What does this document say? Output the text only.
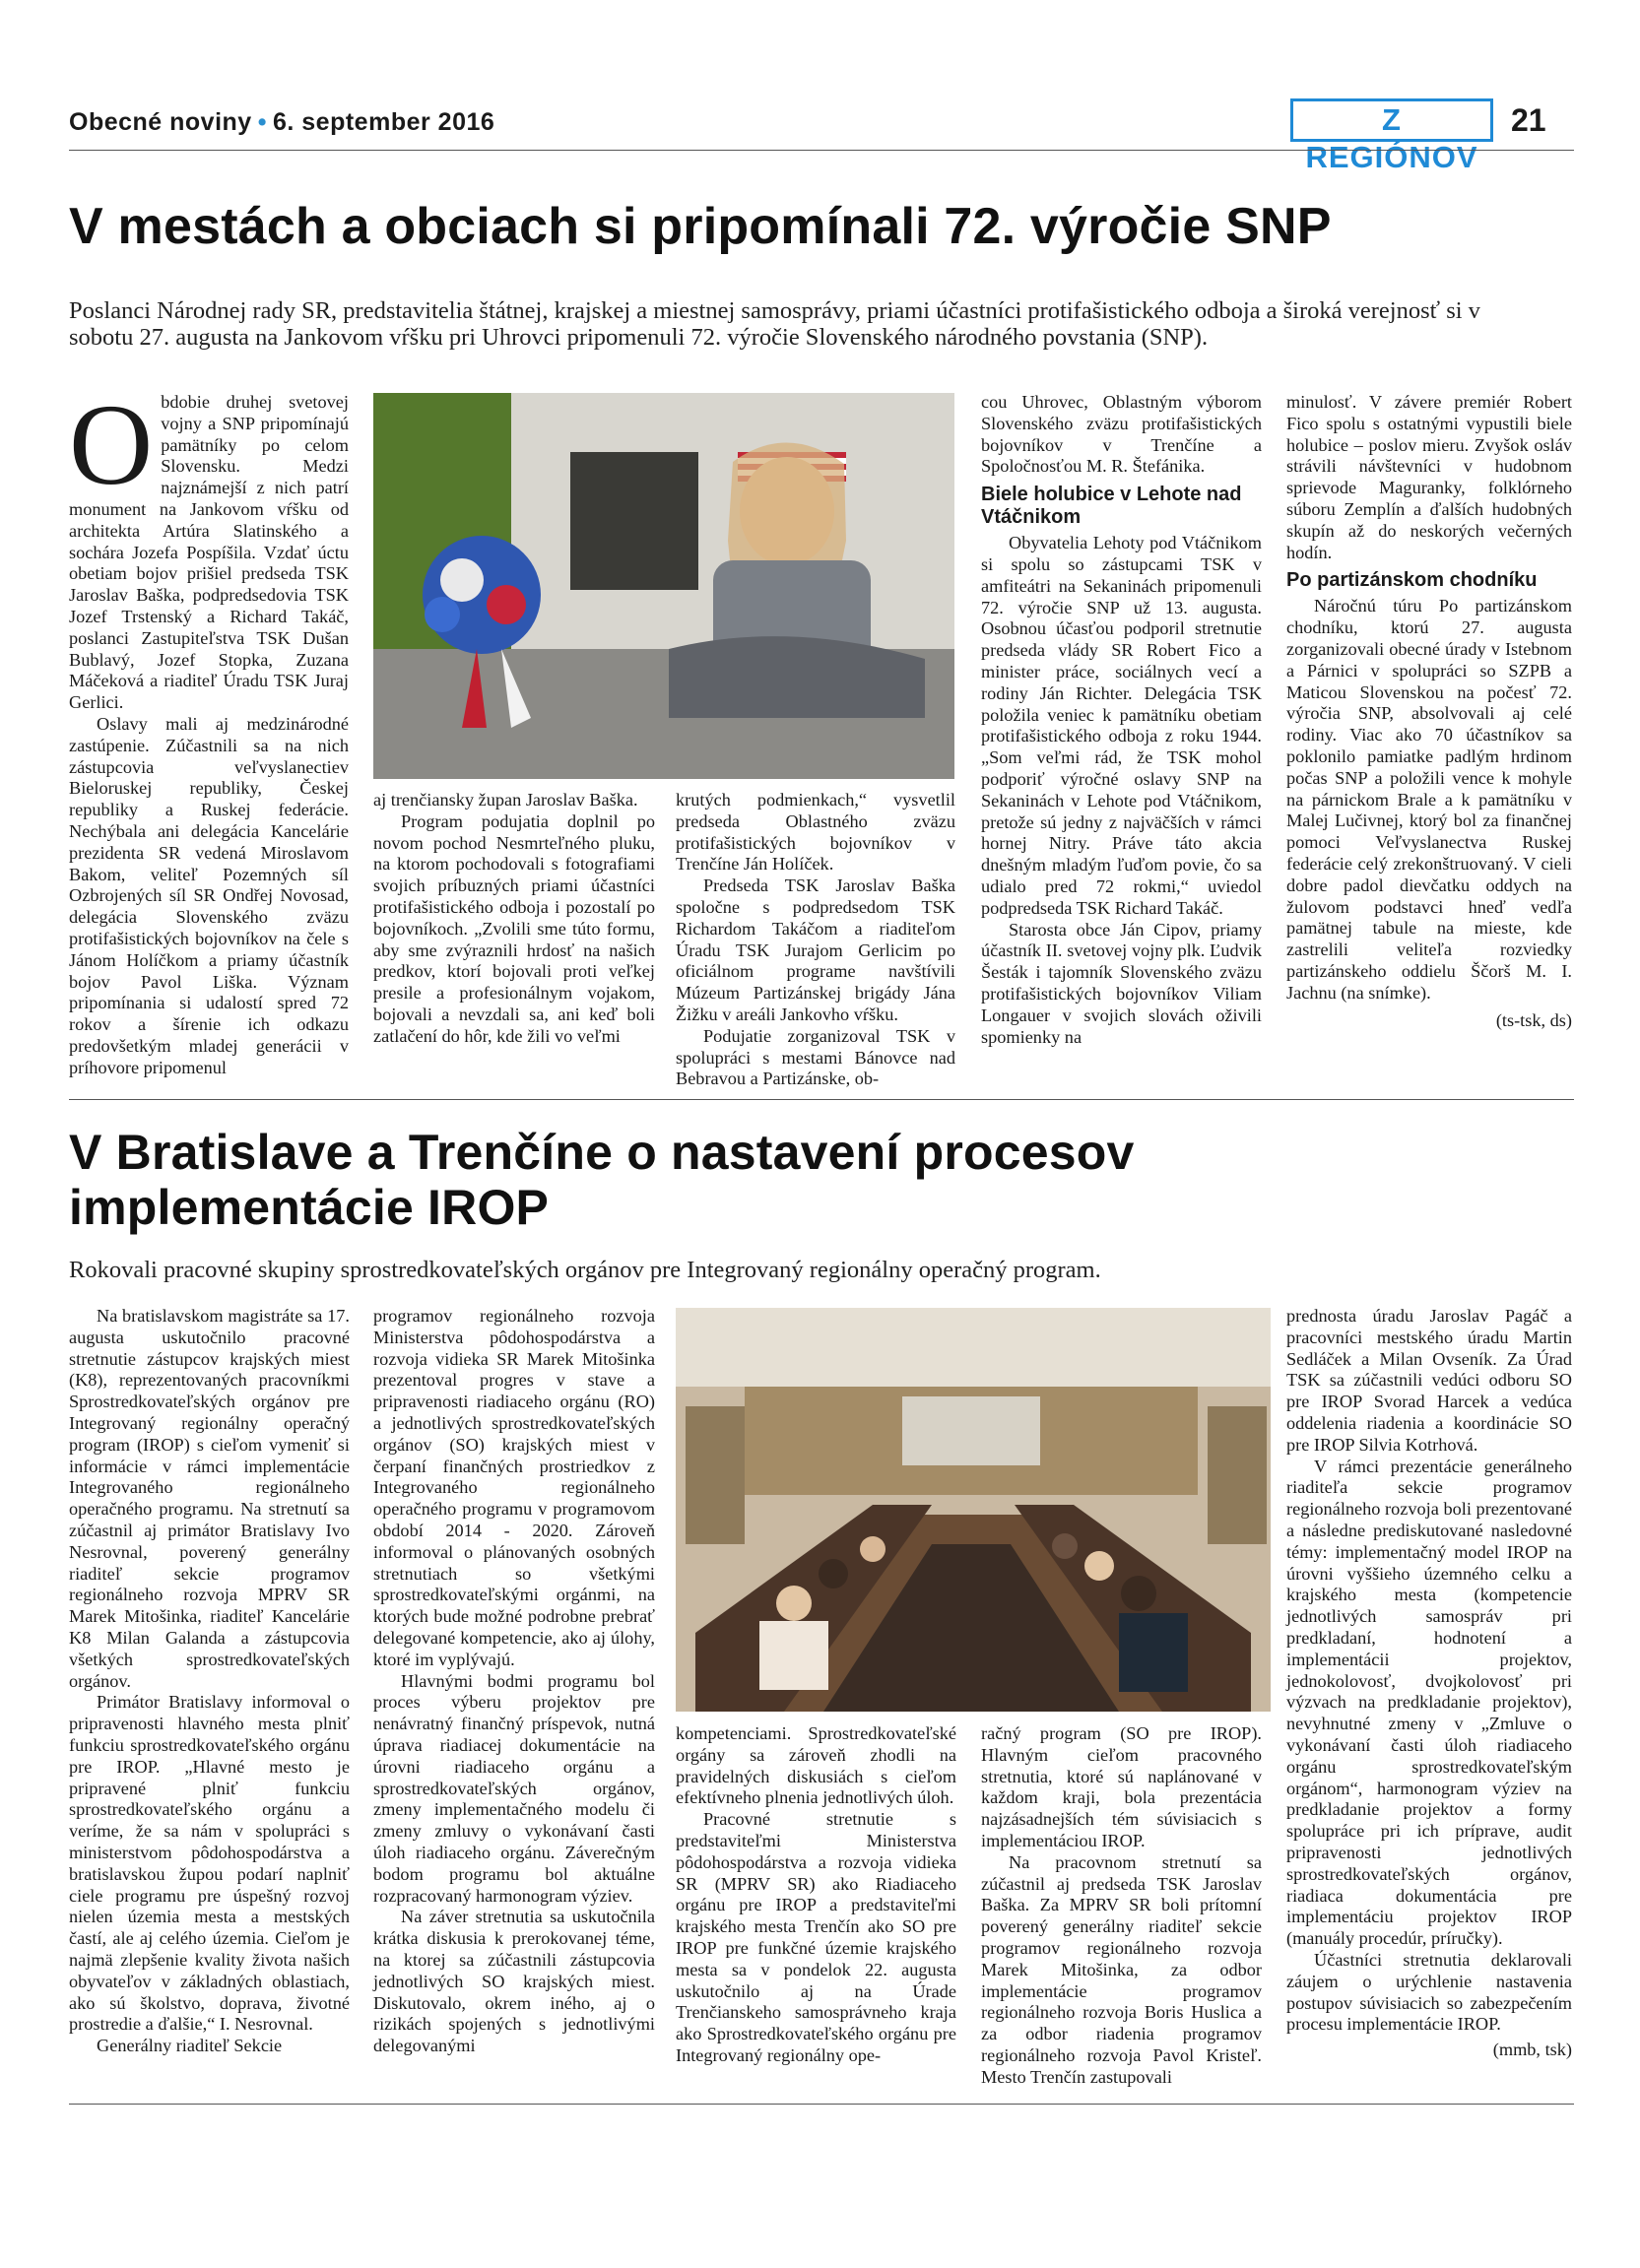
Obecné noviny • 6. september 2016	Z REGIÓNOV
21
V mestách a obciach si pripomínali 72. výročie SNP
Poslanci Národnej rady SR, predstavitelia štátnej, krajskej a miestnej samosprávy, priami účastníci protifašistického odboja a široká verejnosť si v sobotu 27. augusta na Jankovom vŕšku pri Uhrovci pripomenuli 72. výročie Slovenského národného povstania (SNP).

Obdobie druhej svetovej vojny a SNP pripomínajú pamätníky po celom Slovensku. Medzi najznámejší z nich patrí monument na Jankovom vŕšku od architekta Artúra Slatinského a sochára Jozefa Pospíšila. Vzdať úctu obetiam bojov prišiel predseda TSK Jaroslav Baška, podpredsedovia TSK Jozef Trstenský a Richard Takáč, poslanci Zastupiteľstva TSK Dušan Bublavý, Jozef Stopka, Zuzana Máčeková a riaditeľ Úradu TSK Juraj Gerlici.

Oslavy mali aj medzinárodné zastúpenie. Zúčastnili sa na nich zástupcovia veľvyslanectiev Bieloruskej republiky, Českej republiky a Ruskej federácie. Nechýbala ani delegácia Kancelárie prezidenta SR vedená Miroslavom Bakom, veliteľ Pozemných síl Ozbrojených síl SR Ondřej Novosad, delegácia Slovenského zväzu protifašistických bojovníkov na čele s Jánom Holíčkom a priamy účastník bojov Pavol Liška. Význam pripomínania si udalostí spred 72 rokov a šírenie ich odkazu predovšetkým mladej generácii v príhovore pripomenul

aj trenčiansky župan Jaroslav Baška.

Program podujatia doplnil po novom pochod Nesmrteľného pluku, na ktorom pochodovali s fotografiami svojich príbuzných priami účastníci protifašistického odboja i pozostalí po bojovníkoch. „Zvolili sme túto formu, aby sme zvýraznili hrdosť na našich predkov, ktorí bojovali proti veľkej presile a profesionálnym vojakom, bojovali a nevzdali sa, ani keď boli zatlačení do hôr, kde žili vo veľmi

krutých podmienkach,“ vysvetlil predseda Oblastného zväzu protifašistických bojovníkov v Trenčíne Ján Holíček.

Predseda TSK Jaroslav Baška spoločne s podpredsedom TSK Richardom Takáčom a riaditeľom Úradu TSK Jurajom Gerlicim po oficiálnom programe navštívili Múzeum Partizánskej brigády Jána Žižku v areáli Jankovho vŕšku.

Podujatie zorganizoval TSK v spolupráci s mestami Bánovce nad Bebravou a Partizánske, ob-

cou Uhrovec, Oblastným výborom Slovenského zväzu protifašistických bojovníkov v Trenčíne a Spoločnosťou M. R. Štefánika.

Biele holubice v Lehote nad Vtáčnikom

Obyvatelia Lehoty pod Vtáčnikom si spolu so zástupcami TSK v amfiteátri na Sekaninách pripomenuli 72. výročie SNP už 13. augusta. Osobnou účasťou podporil stretnutie predseda vlády SR Robert Fico a minister práce, sociálnych vecí a rodiny Ján Richter. Delegácia TSK položila veniec k pamätníku obetiam protifašistického odboja z roku 1944. „Som veľmi rád, že TSK mohol podporiť výročné oslavy SNP na Sekaninách v Lehote pod Vtáčnikom, pretože sú jedny z najväčších v rámci hornej Nitry. Práve táto akcia dnešným mladým ľuďom povie, čo sa udialo pred 72 rokmi,“ uviedol podpredseda TSK Richard Takáč.

Starosta obce Ján Cipov, priamy účastník II. svetovej vojny plk. Ľudvik Šesták i tajomník Slovenského zväzu protifašistických bojovníkov Viliam Longauer v svojich slovách oživili spomienky na

minulosť. V závere premiér Robert Fico spolu s ostatnými vypustili biele holubice – poslov mieru. Zvyšok osláv strávili návštevníci v hudobnom sprievode Maguranky, folklórneho súboru Zemplín a ďalších hudobných skupín až do neskorých večerných hodín.

Po partizánskom chodníku

Náročnú túru Po partizánskom chodníku, ktorú 27. augusta zorganizovali obecné úrady v Istebnom a Párnici v spolupráci so SZPB a Maticou Slovenskou na počesť 72. výročia SNP, absolvovali aj celé rodiny. Viac ako 70 účastníkov sa poklonilo pamiatke padlým hrdinom počas SNP a položili vence k mohyle na párnickom Brale a k pamätníku v Malej Lučivnej, ktorý bol za finančnej pomoci Veľvyslanectva Ruskej federácie celý zrekonštruovaný. V cieli dobre padol dievčatku oddych na žulovom podstavci hneď vedľa pamätnej tabule na mieste, kde zastrelili veliteľa rozviedky partizánskeho oddielu Ščorš M. I. Jachnu (na snímke).

(ts-tsk, ds)

V Bratislave a Trenčíne o nastavení procesov
implementácie IROP
Rokovali pracovné skupiny sprostredkovateľských orgánov pre Integrovaný regionálny operačný program.

Na bratislavskom magistráte sa 17. augusta uskutočnilo pracovné stretnutie zástupcov krajských miest (K8), reprezentovaných pracovníkmi Sprostredkovateľských orgánov pre Integrovaný regionálny operačný program (IROP) s cieľom vymeniť si informácie v rámci implementácie Integrovaného regionálneho operačného programu. Na stretnutí sa zúčastnil aj primátor Bratislavy Ivo Nesrovnal, poverený generálny riaditeľ sekcie programov regionálneho rozvoja MPRV SR Marek Mitošinka, riaditeľ Kancelárie K8 Milan Galanda a zástupcovia všetkých sprostredkovateľských orgánov.

Primátor Bratislavy informoval o pripravenosti hlavného mesta plniť funkciu sprostredkovateľského orgánu pre IROP. „Hlavné mesto je pripravené plniť funkciu sprostredkovateľského orgánu a veríme, že sa nám v spolupráci s ministerstvom pôdohospodárstva a bratislavskou župou podarí naplniť ciele programu pre úspešný rozvoj nielen územia mesta a mestských častí, ale aj celého územia. Cieľom je najmä zlepšenie kvality života našich obyvateľov v základných oblastiach, ako sú školstvo, doprava, životné prostredie a ďalšie,“ I. Nesrovnal.

Generálny riaditeľ Sekcie

programov regionálneho rozvoja Ministerstva pôdohospodárstva a rozvoja vidieka SR Marek Mitošinka prezentoval progres v stave a pripravenosti riadiaceho orgánu (RO) a jednotlivých sprostredkovateľských orgánov (SO) krajských miest v čerpaní finančných prostriedkov z Integrovaného regionálneho operačného programu v programovom období 2014 - 2020. Zároveň informoval o plánovaných osobných stretnutiach so všetkými sprostredkovateľskými orgánmi, na ktorých bude možné podrobne prebrať delegované kompetencie, ako aj úlohy, ktoré im vyplývajú.

Hlavnými bodmi programu bol proces výberu projektov pre nenávratný finančný príspevok, nutná úprava riadiacej dokumentácie na úrovni riadiaceho orgánu a sprostredkovateľských orgánov, zmeny implementačného modelu či zmeny zmluvy o vykonávaní časti úloh riadiaceho orgánu. Záverečným bodom programu bol aktuálne rozpracovaný harmonogram výziev.

Na záver stretnutia sa uskutočnila krátka diskusia k prerokovanej téme, na ktorej sa zúčastnili zástupcovia jednotlivých SO krajských miest. Diskutovalo, okrem iného, aj o rizikách spojených s jednotlivými delegovanými

kompetenciami. Sprostredkovateľské orgány sa zároveň zhodli na pravidelných diskusiách s cieľom efektívneho plnenia jednotlivých úloh.

Pracovné stretnutie s predstaviteľmi Ministerstva pôdohospodárstva a rozvoja vidieka SR (MPRV SR) ako Riadiaceho orgánu pre IROP a predstaviteľmi krajského mesta Trenčín ako SO pre IROP pre funkčné územie krajského mesta sa v pondelok 22. augusta uskutočnilo aj na Úrade Trenčianskeho samosprávneho kraja ako Sprostredkovateľského orgánu pre Integrovaný regionálny ope-

račný program (SO pre IROP). Hlavným cieľom pracovného stretnutia, ktoré sú naplánované v každom kraji, bola prezentácia najzásadnejších tém súvisiacich s implementáciou IROP.

Na pracovnom stretnutí sa zúčastnil aj predseda TSK Jaroslav Baška. Za MPRV SR boli prítomní poverený generálny riaditeľ sekcie programov regionálneho rozvoja Marek Mitošinka, za odbor implementácie programov regionálneho rozvoja Boris Huslica a za odbor riadenia programov regionálneho rozvoja Pavol Kristeľ. Mesto Trenčín zastupovali

prednosta úradu Jaroslav Pagáč a pracovníci mestského úradu Martin Sedláček a Milan Ovseník. Za Úrad TSK sa zúčastnili vedúci odboru SO pre IROP Svorad Harcek a vedúca oddelenia riadenia a koordinácie SO pre IROP Silvia Kotrhová.

V rámci prezentácie generálneho riaditeľa sekcie programov regionálneho rozvoja boli prezentované a následne prediskutované nasledovné témy: implementačný model IROP na úrovni vyššieho územného celku a krajského mesta (kompetencie jednotlivých samospráv pri predkladaní, hodnotení a implementácii projektov, jednokolovosť, dvojkolovosť pri výzvach na predkladanie projektov), nevyhnutné zmeny v „Zmluve o vykonávaní časti úloh riadiaceho orgánu sprostredkovateľským orgánom“, harmonogram výziev na predkladanie projektov a formy spolupráce pri ich príprave, audit pripravenosti jednotlivých sprostredkovateľských orgánov, riadiaca dokumentácia pre implementáciu projektov IROP (manuály procedúr, príručky).

Účastníci stretnutia deklarovali záujem o urýchlenie nastavenia postupov súvisiacich so zabezpečením procesu implementácie IROP.

(mmb, tsk)
